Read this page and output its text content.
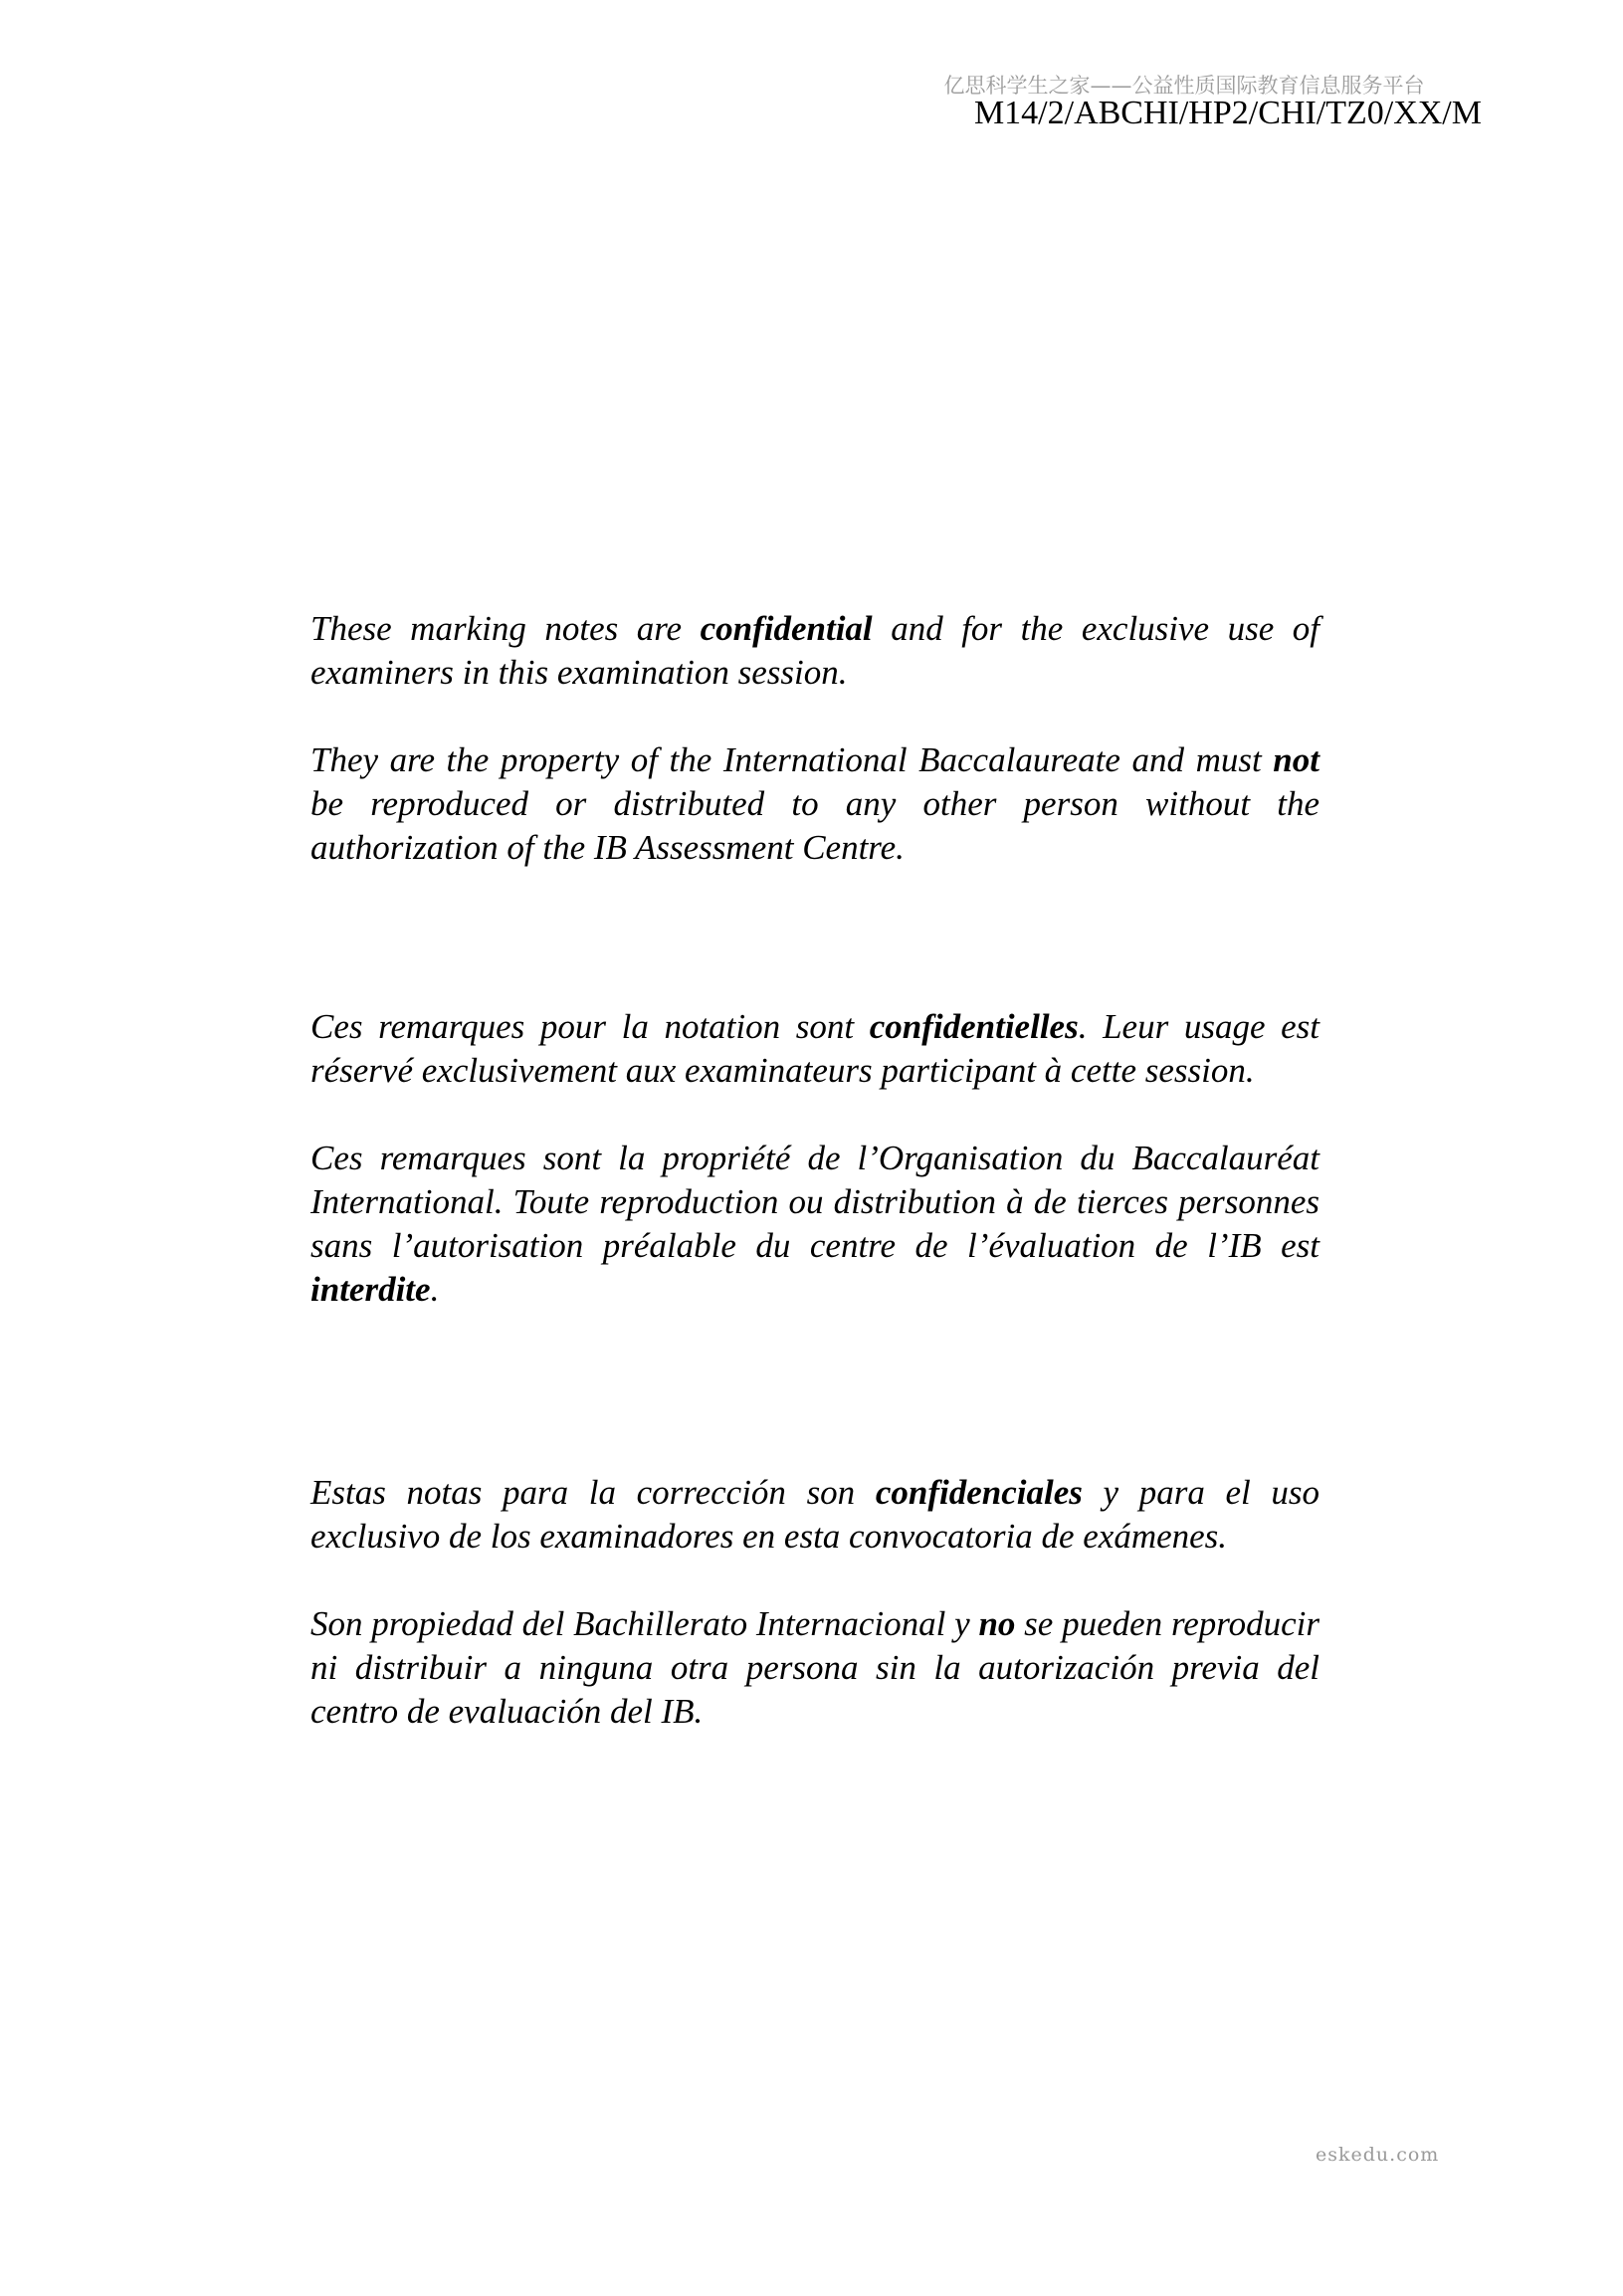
亿思科学生之家——公益性质国际教育信息服务平台
M14/2/ABCHI/HP2/CHI/TZ0/XX/M

These marking notes are confidential and for the exclusive use of examiners in this examination session.

They are the property of the International Baccalaureate and must not be reproduced or distributed to any other person without the authorization of the IB Assessment Centre.

Ces remarques pour la notation sont confidentielles. Leur usage est réservé exclusivement aux examinateurs participant à cette session.

Ces remarques sont la propriété de l’Organisation du Baccalauréat International. Toute reproduction ou distribution à de tierces personnes sans l’autorisation préalable du centre de l’évaluation de l’IB est interdite.

Estas notas para la corrección son confidenciales y para el uso exclusivo de los examinadores en esta convocatoria de exámenes.

Son propiedad del Bachillerato Internacional y no se pueden reproducir ni distribuir a ninguna otra persona sin la autorización previa del centro de evaluación del IB.

eskedu.com
